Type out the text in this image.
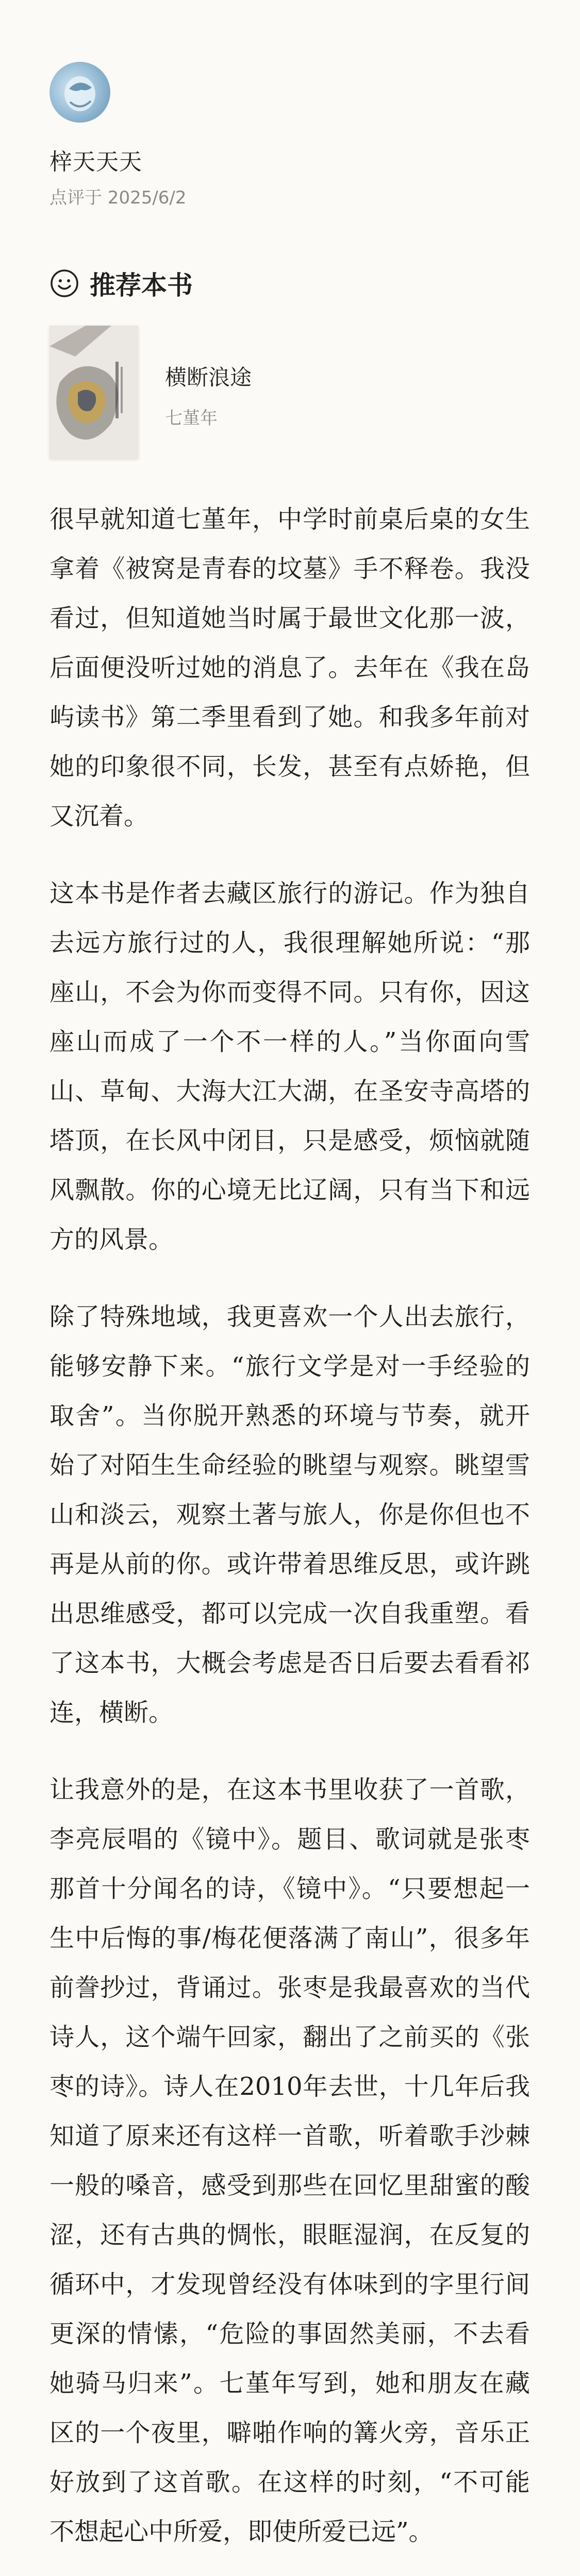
梓天天天
点评于 2025/6/2
推荐本书
横断浪途
七堇年

很早就知道七堇年，中学时前桌后桌的女生拿着《被窝是青春的坟墓》手不释卷。我没看过，但知道她当时属于最世文化那一波，后面便没听过她的消息了。去年在《我在岛屿读书》第二季里看到了她。和我多年前对她的印象很不同，长发，甚至有点娇艳，但又沉着。

这本书是作者去藏区旅行的游记。作为独自去远方旅行过的人，我很理解她所说：“那座山，不会为你而变得不同。只有你，因这座山而成了一个不一样的人。”当你面向雪山、草甸、大海大江大湖，在圣安寺高塔的塔顶，在长风中闭目，只是感受，烦恼就随风飘散。你的心境无比辽阔，只有当下和远方的风景。

除了特殊地域，我更喜欢一个人出去旅行，能够安静下来。“旅行文学是对一手经验的取舍”。当你脱开熟悉的环境与节奏，就开始了对陌生生命经验的眺望与观察。眺望雪山和淡云，观察土著与旅人，你是你但也不再是从前的你。或许带着思维反思，或许跳出思维感受，都可以完成一次自我重塑。看了这本书，大概会考虑是否日后要去看看祁连，横断。

让我意外的是，在这本书里收获了一首歌，李亮辰唱的《镜中》。题目、歌词就是张枣那首十分闻名的诗，《镜中》。“只要想起一生中后悔的事/梅花便落满了南山”，很多年前誊抄过，背诵过。张枣是我最喜欢的当代诗人，这个端午回家，翻出了之前买的《张枣的诗》。诗人在2010年去世，十几年后我知道了原来还有这样一首歌，听着歌手沙棘一般的嗓音，感受到那些在回忆里甜蜜的酸涩，还有古典的惆怅，眼眶湿润，在反复的循环中，才发现曾经没有体味到的字里行间更深的情愫，“危险的事固然美丽，不去看她骑马归来”。七堇年写到，她和朋友在藏区的一个夜里，噼啪作响的篝火旁，音乐正好放到了这首歌。在这样的时刻，“不可能不想起心中所爱，即使所爱已远”。
